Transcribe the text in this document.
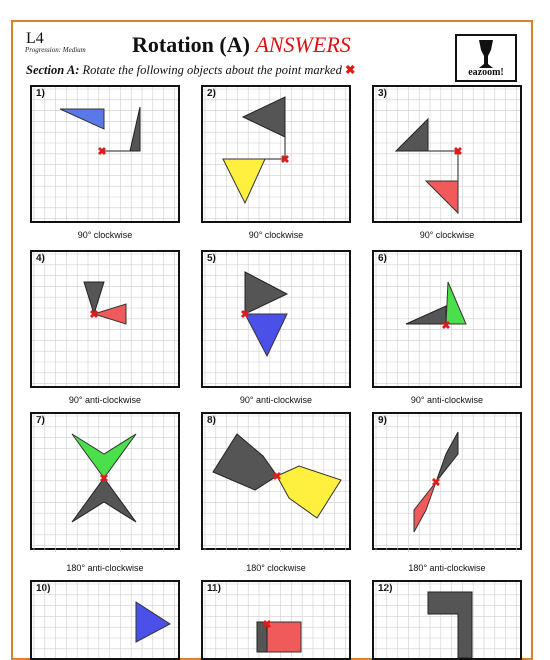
L4
Progression: Medium Rotation (A) ANSWERS
Section A: Rotate the following objects about the point marked ✖	eazoom!
1)
✖
90° clockwise
2)
✖
90° clockwise
3)
✖
90° clockwise
4)
✖
90° anti-clockwise
5)
✖
90° anti-clockwise
6)
✖
90° anti-clockwise
7)
✖
180° anti-clockwise
8)
✖
180° clockwise
9)
✖
180° anti-clockwise
10)	11)
✖
12)
